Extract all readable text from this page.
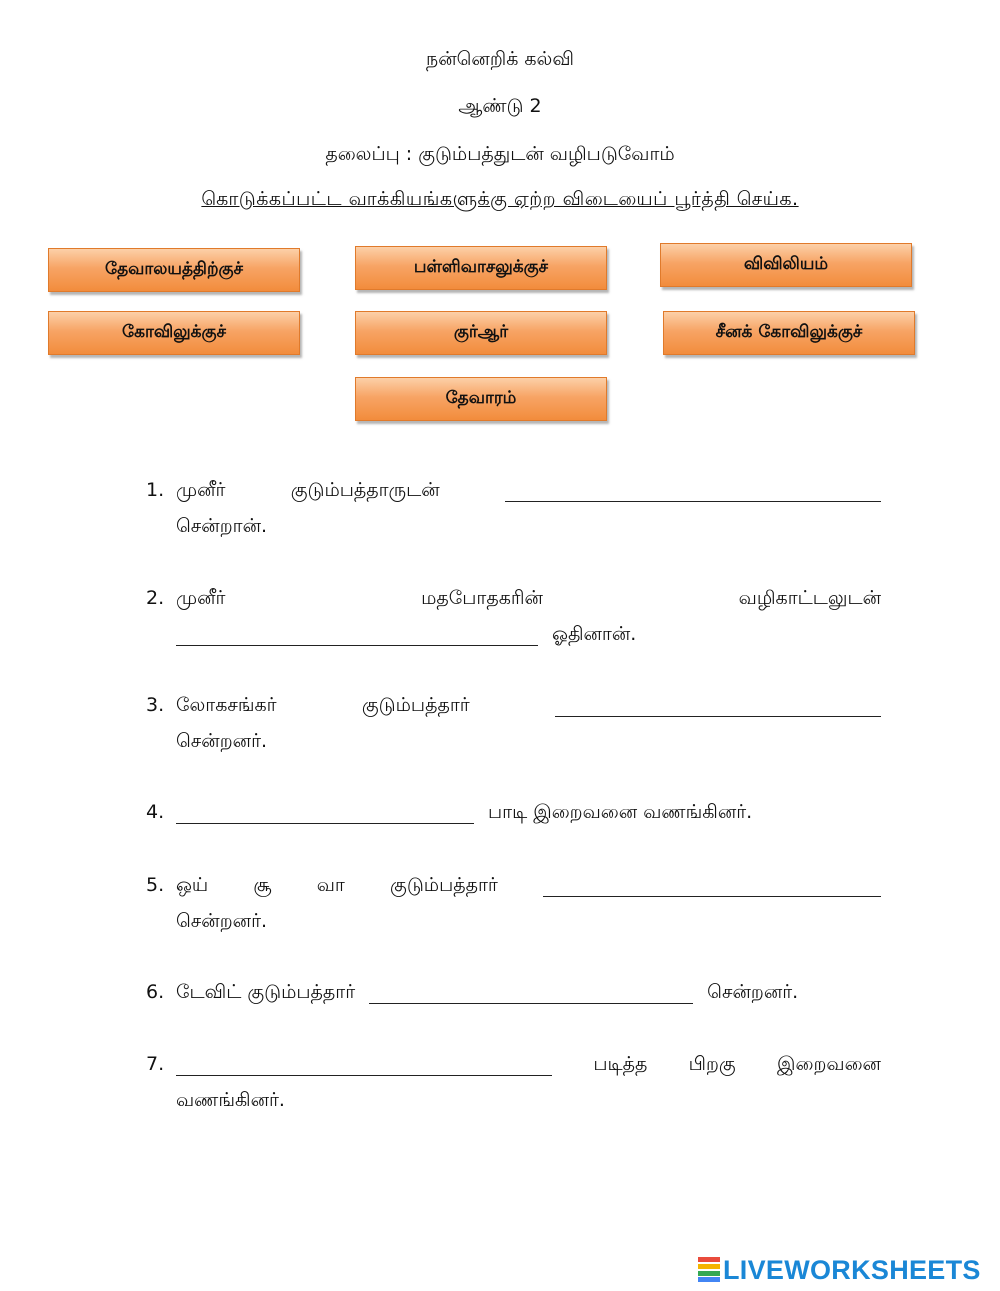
நன்னெறிக் கல்வி
ஆண்டு 2
தலைப்பு : குடும்பத்துடன் வழிபடுவோம்
கொடுக்கப்பட்ட வாக்கியங்களுக்கு ஏற்ற விடையைப் பூர்த்தி செய்க.
தேவாலயத்திற்குச்	பள்ளிவாசலுக்குச்	விவிலியம்
கோவிலுக்குச்	குர்ஆர்	சீனக் கோவிலுக்குச்
தேவாரம்
1. முனீர்	குடும்பத்தாருடன்
சென்றான்.
2. முனீர்	மதபோதகரின்	வழிகாட்டலுடன்
ஓதினான்.
3. லோகசங்கர்	குடும்பத்தார்
சென்றனர்.
4.	பாடி இறைவனை வணங்கினர்.
5. ஒய் சூ வா குடும்பத்தார்
சென்றனர்.
6. டேவிட் குடும்பத்தார்	சென்றனர்.
7.	படித்த பிறகு இறைவனை
வணங்கினர்.
LIVEWORKSHEETS
